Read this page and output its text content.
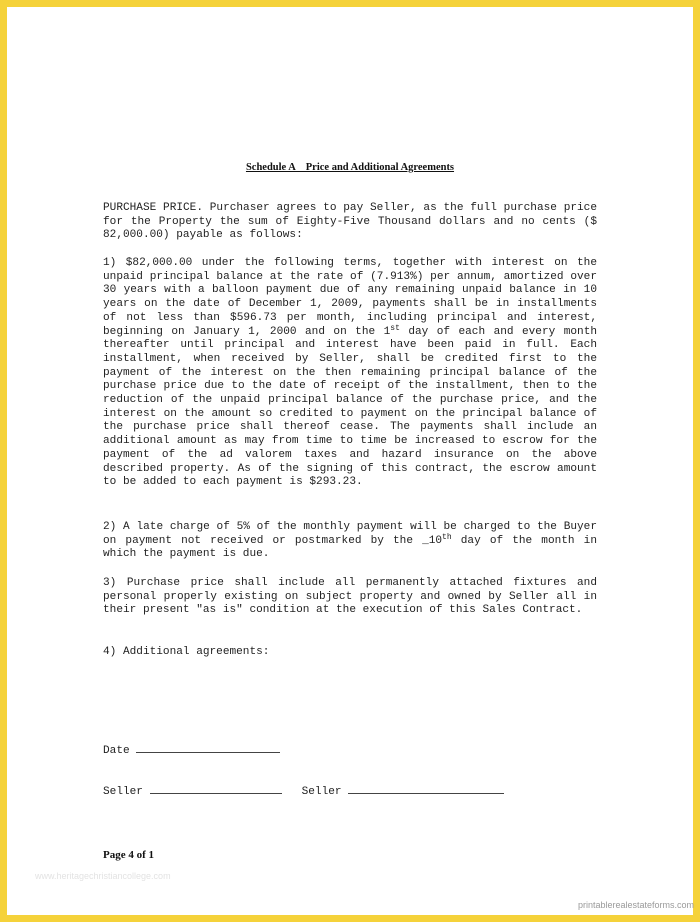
Schedule A    Price and Additional Agreements
PURCHASE PRICE. Purchaser agrees to pay Seller, as the full purchase price for the Property the sum of Eighty-Five Thousand dollars and no cents ($ 82,000.00) payable as follows:
1) $82,000.00 under the following terms, together with interest on the unpaid principal balance at the rate of (7.913%) per annum, amortized over 30 years with a balloon payment due of any remaining unpaid balance in 10 years on the date of December 1, 2009, payments shall be in installments of not less than $596.73 per month, including principal and interest, beginning on January 1, 2000 and on the 1st day of each and every month thereafter until principal and interest have been paid in full. Each installment, when received by Seller, shall be credited first to the payment of the interest on the then remaining principal balance of the purchase price due to the date of receipt of the installment, then to the reduction of the unpaid principal balance of the purchase price, and the interest on the amount so credited to payment on the principal balance of the purchase price shall thereof cease. The payments shall include an additional amount as may from time to time be increased to escrow for the payment of the ad valorem taxes and hazard insurance on the above described property. As of the signing of this contract, the escrow amount to be added to each payment is $293.23.
2) A late charge of 5% of the monthly payment will be charged to the Buyer on payment not received or postmarked by the _10th day of the month in which the payment is due.
3) Purchase price shall include all permanently attached fixtures and personal properly existing on subject property and owned by Seller all in their present "as is" condition at the execution of this Sales Contract.
4) Additional agreements:
Date
Seller	Seller
Page 4 of 1
www.heritagechristiancollege.com
printablerealestateforms.com
